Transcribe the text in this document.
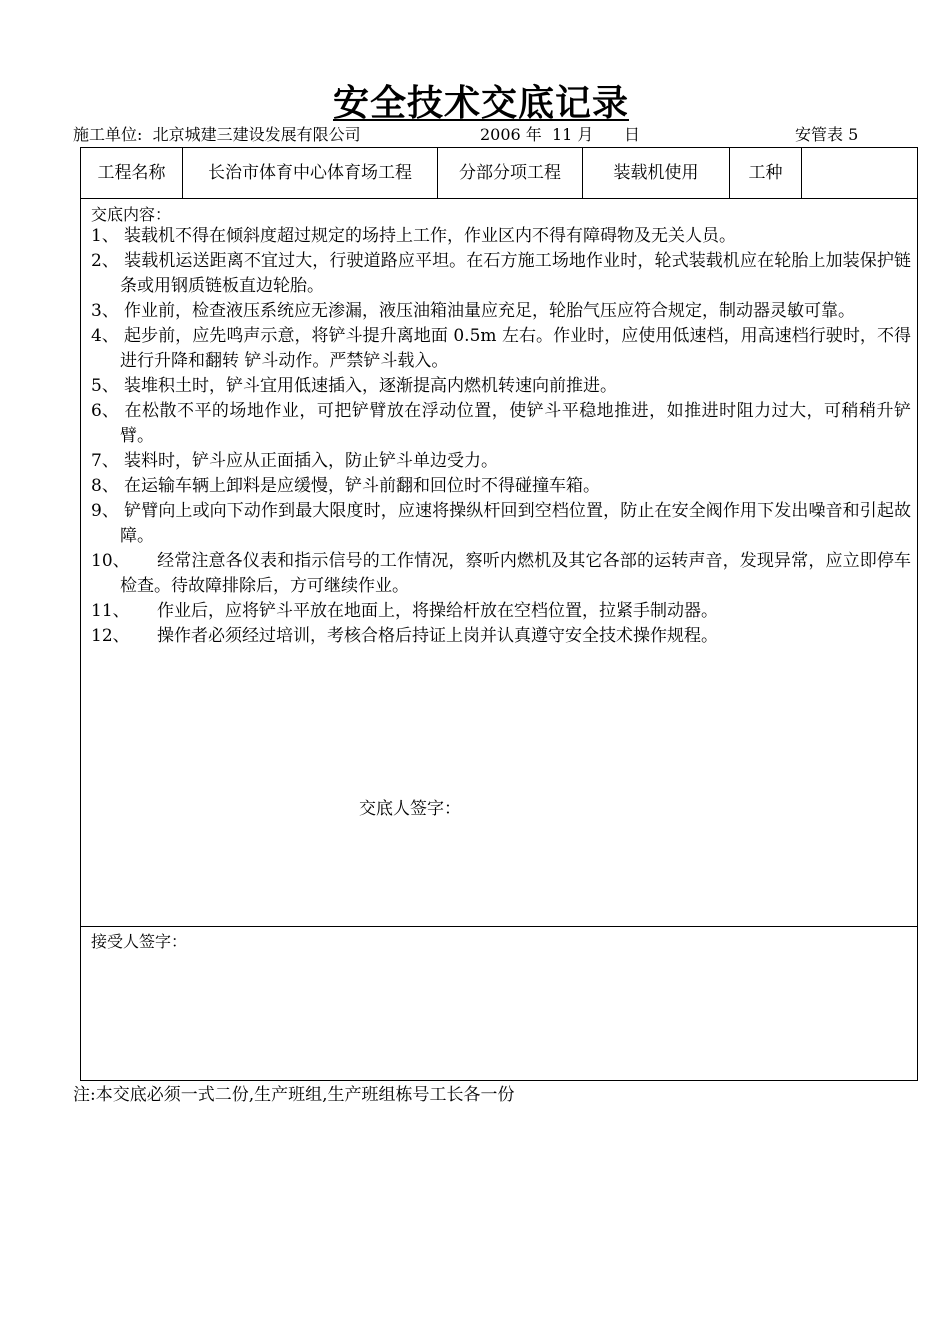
安全技术交底记录
施工单位:  北京城建三建设发展有限公司	2006 年  11 月      日	安管表 5
工程名称	长治市体育中心体育场工程	分部分项工程	装载机使用	工种
交底内容：
1、 装载机不得在倾斜度超过规定的场持上工作，作业区内不得有障碍物及无关人员。
2、 装载机运送距离不宜过大，行驶道路应平坦。在石方施工场地作业时，轮式装载机应在轮胎上加装保护链条或用钢质链板直边轮胎。
3、 作业前，检查液压系统应无渗漏，液压油箱油量应充足，轮胎气压应符合规定，制动器灵敏可靠。
4、 起步前，应先鸣声示意，将铲斗提升离地面 0.5m 左右。作业时，应使用低速档，用高速档行驶时，不得进行升降和翻转 铲斗动作。严禁铲斗载入。
5、 装堆积土时，铲斗宜用低速插入，逐渐提高内燃机转速向前推进。
6、 在松散不平的场地作业，可把铲臂放在浮动位置，使铲斗平稳地推进，如推进时阻力过大，可稍稍升铲臂。
7、 装料时，铲斗应从正面插入，防止铲斗单边受力。
8、 在运输车辆上卸料是应缓慢，铲斗前翻和回位时不得碰撞车箱。
9、 铲臂向上或向下动作到最大限度时，应速将操纵杆回到空档位置，防止在安全阀作用下发出噪音和引起故障。
10、 经常注意各仪表和指示信号的工作情况，察听内燃机及其它各部的运转声音，发现异常，应立即停车检查。待故障排除后，方可继续作业。
11、 作业后，应将铲斗平放在地面上，将操给杆放在空档位置，拉紧手制动器。
12、 操作者必须经过培训，考核合格后持证上岗并认真遵守安全技术操作规程。
交底人签字：
接受人签字：
注:本交底必须一式二份,生产班组,生产班组栋号工长各一份
